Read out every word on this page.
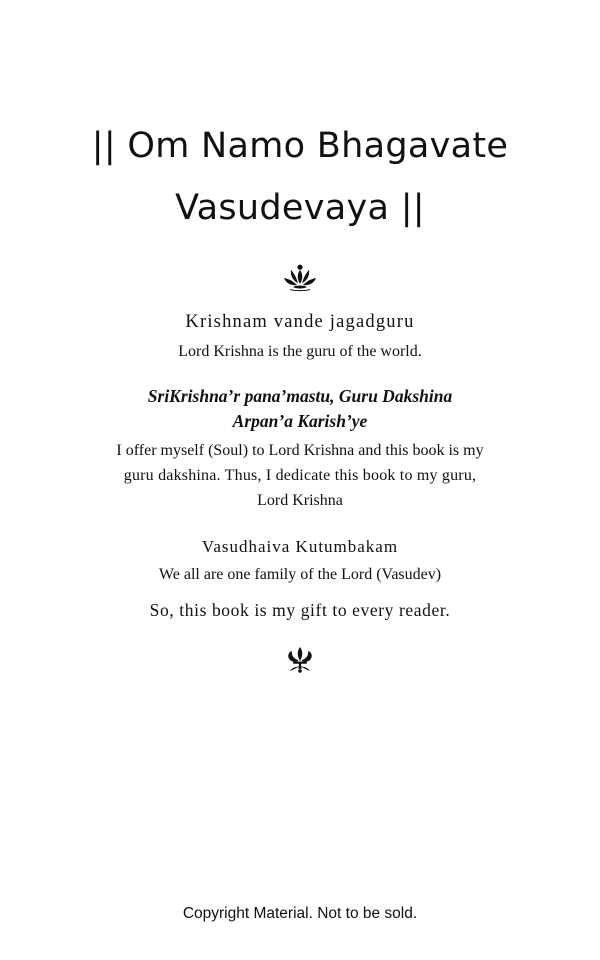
|| Om Namo Bhagavate
Vasudevaya ||
Krishnam vande jagadguru
Lord Krishna is the guru of the world.
SriKrishna’r pana’mastu, Guru Dakshina
Arpan’a Karish’ye
I offer myself (Soul) to Lord Krishna and this book is my
guru dakshina. Thus, I dedicate this book to my guru,
Lord Krishna
Vasudhaiva Kutumbakam
We all are one family of the Lord (Vasudev)
So, this book is my gift to every reader.
Copyright Material. Not to be sold.
